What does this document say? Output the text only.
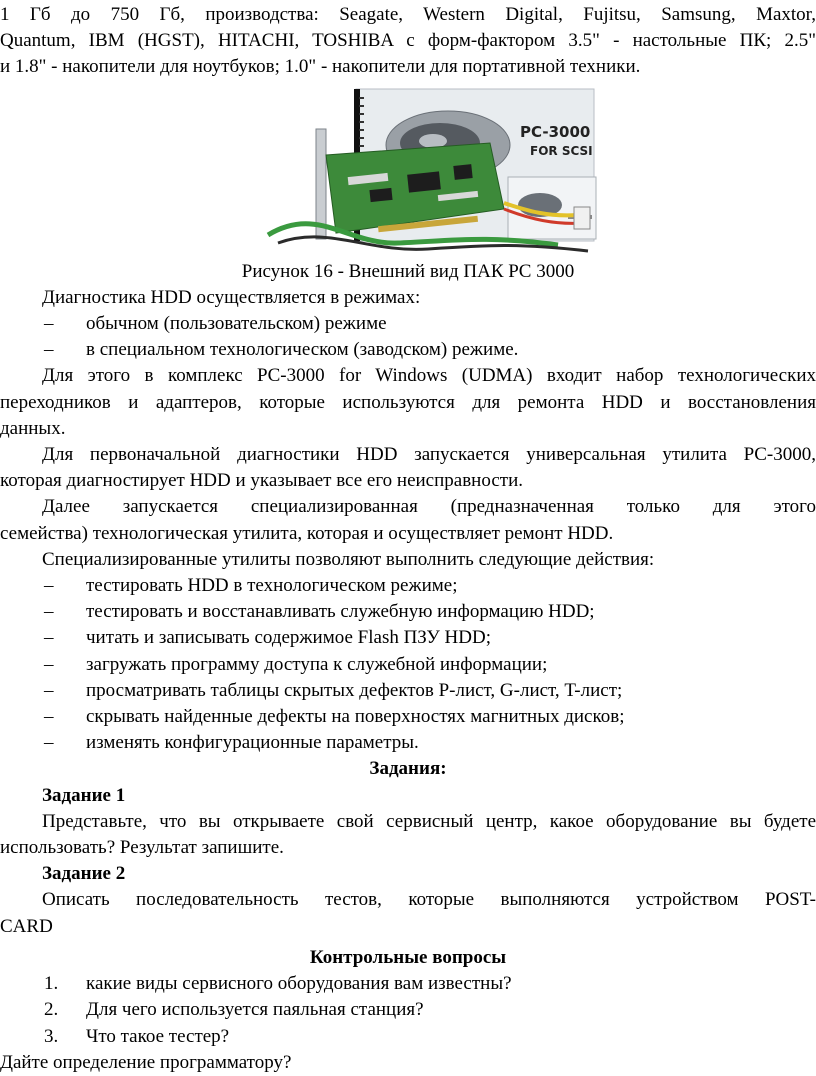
1 Гб до 750 Гб, производства: Seagate, Western Digital, Fujitsu, Samsung, Maxtor,
Quantum, IBM (HGST), HITACHI, TOSHIBA с форм-фактором 3.5" - настольные ПК; 2.5"
и 1.8" - накопители для ноутбуков; 1.0" - накопители для портативной техники.
PC-3000
FOR SCSI
Рисунок 16 - Внешний вид ПАК PC 3000
Диагностика HDD осуществляется в режимах:
– обычном (пользовательском) режиме
– в специальном технологическом (заводском) режиме.
Для этого в комплекс PC-3000 for Windows (UDMA) входит набор технологических
переходников и адаптеров, которые используются для ремонта HDD и восстановления
данных.
Для первоначальной диагностики HDD запускается универсальная утилита PC-3000,
которая диагностирует HDD и указывает все его неисправности.
Далее запускается специализированная (предназначенная только для этого
семейства) технологическая утилита, которая и осуществляет ремонт HDD.
Специализированные утилиты позволяют выполнить следующие действия:
– тестировать HDD в технологическом режиме;
– тестировать и восстанавливать служебную информацию HDD;
– читать и записывать содержимое Flash ПЗУ HDD;
– загружать программу доступа к служебной информации;
– просматривать таблицы скрытых дефектов P-лист, G-лист, T-лист;
– скрывать найденные дефекты на поверхностях магнитных дисков;
– изменять конфигурационные параметры.
Задания:
Задание 1
Представьте, что вы открываете свой сервисный центр, какое оборудование вы будете
использовать? Результат запишите.
Задание 2
Описать последовательность тестов, которые выполняются устройством POST-
CARD
Контрольные вопросы
1. какие виды сервисного оборудования вам известны?
2. Для чего используется паяльная станция?
3. Что такое тестер?
Дайте определение программатору?
